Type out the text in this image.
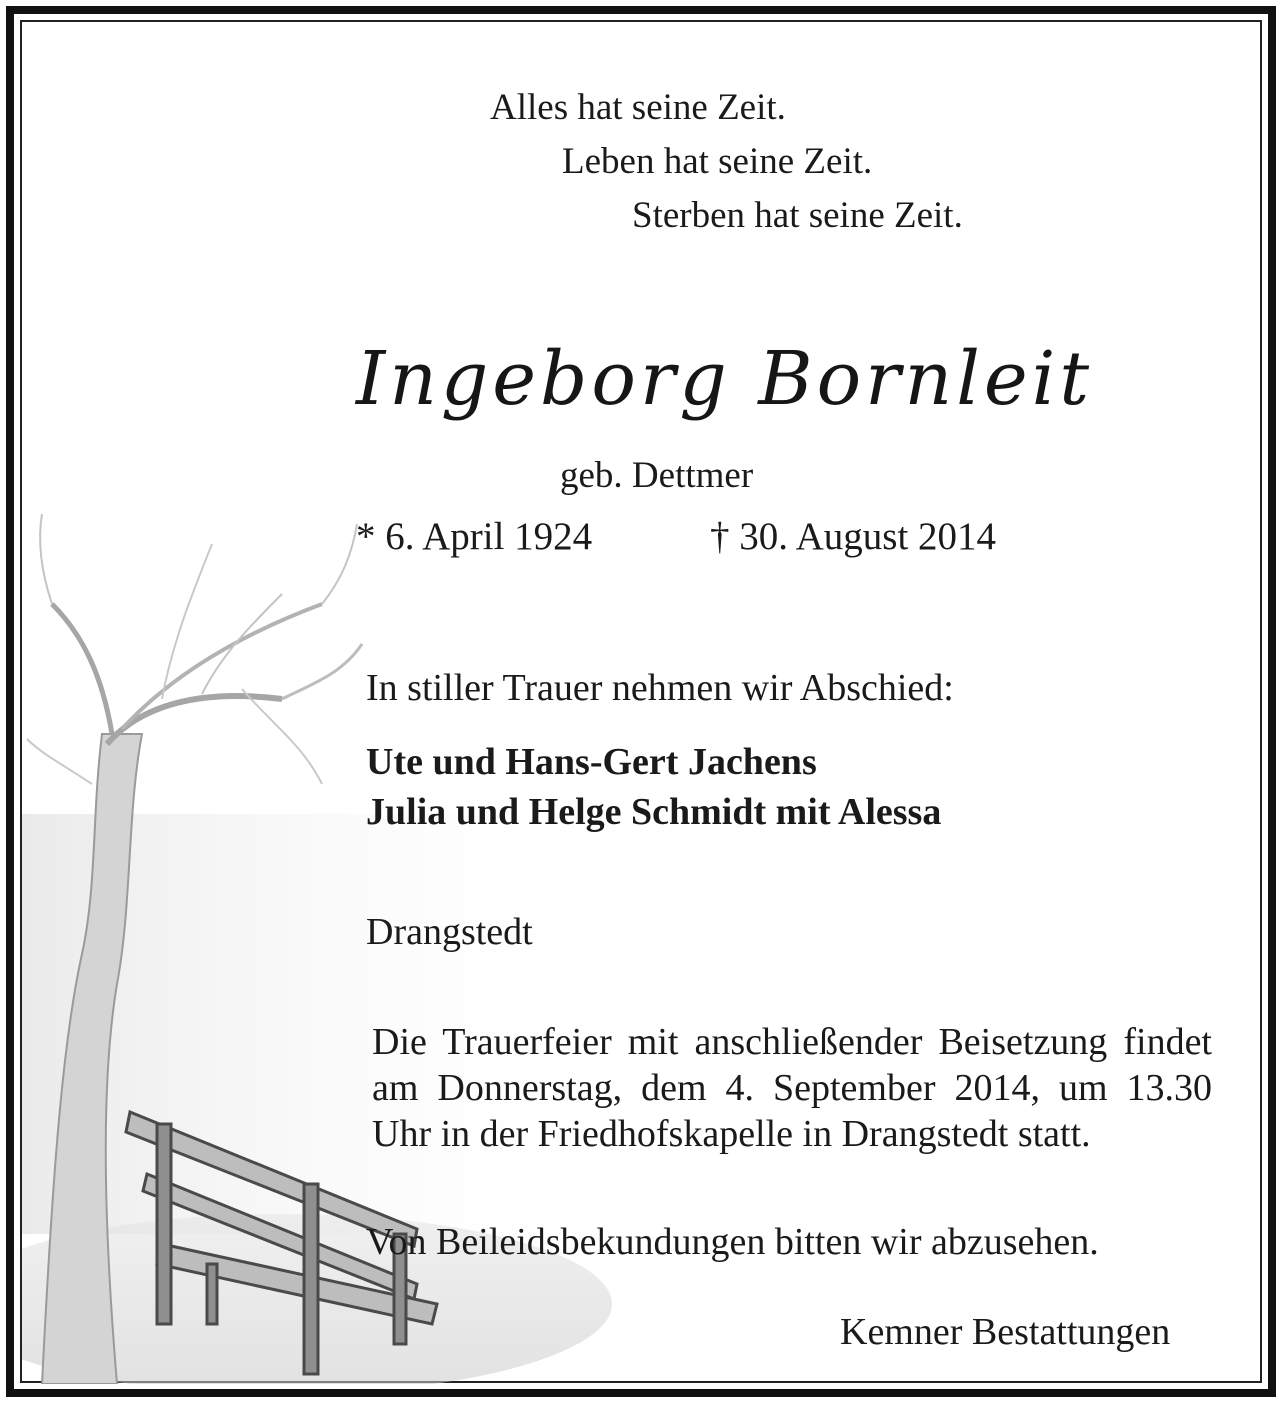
Alles hat seine Zeit.
Leben hat seine Zeit.
Sterben hat seine Zeit.
Ingeborg Bornleit
geb. Dettmer
* 6. April 1924	† 30. August 2014
In stiller Trauer nehmen wir Abschied:
Ute und Hans-Gert Jachens
Julia und Helge Schmidt mit Alessa
Drangstedt
Die Trauerfeier mit anschließender Beisetzung findet am Donnerstag, dem 4. September 2014, um 13.30 Uhr in der Friedhofskapelle in Drangstedt statt.
Von Beileidsbekundungen bitten wir abzusehen.
Kemner Bestattungen
